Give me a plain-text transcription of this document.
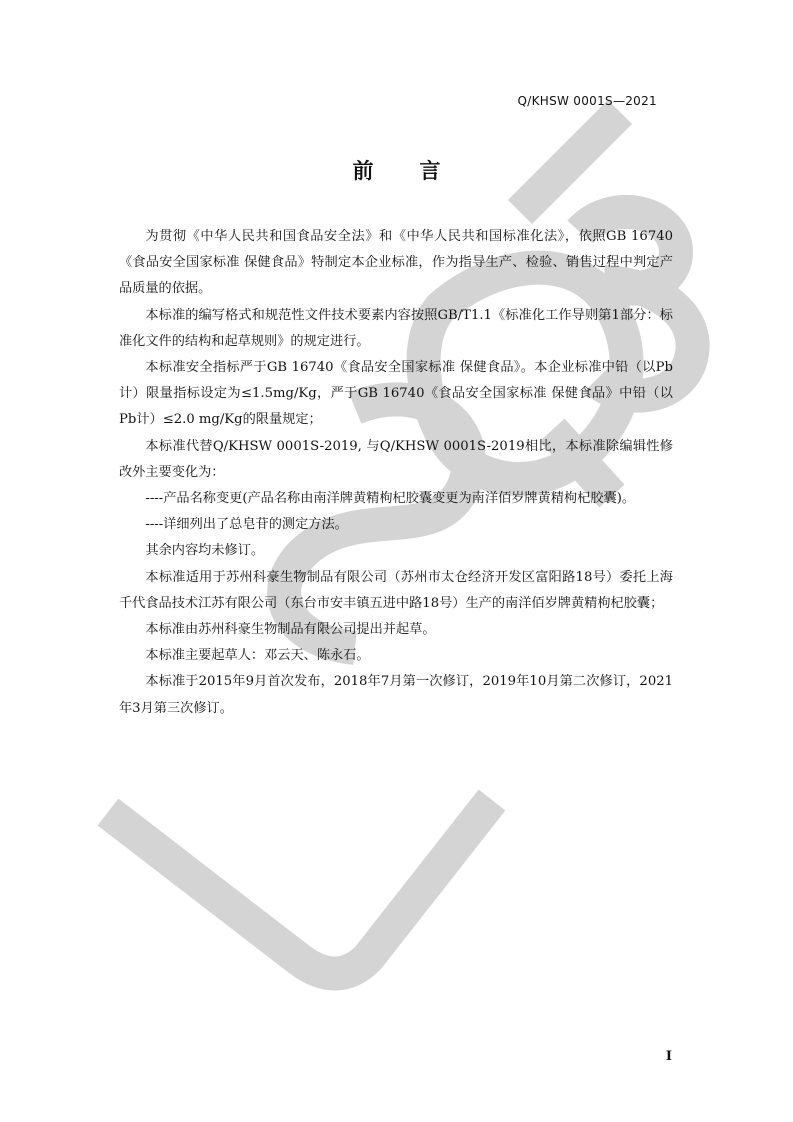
Q/KHSW 0001S—2021
前 言

为贯彻《中华人民共和国食品安全法》和《中华人民共和国标准化法》，依照GB 16740《食品安全国家标准 保健食品》特制定本企业标准，作为指导生产、检验、销售过程中判定产品质量的依据。

本标准的编写格式和规范性文件技术要素内容按照GB/T1.1《标准化工作导则第1部分：标准化文件的结构和起草规则》的规定进行。

本标准安全指标严于GB 16740《食品安全国家标准 保健食品》。本企业标准中铅（以Pb计）限量指标设定为≤1.5mg/Kg，严于GB 16740《食品安全国家标准 保健食品》中铅（以Pb计）≤2.0 mg/Kg的限量规定；

本标准代替Q/KHSW 0001S-2019, 与Q/KHSW 0001S-2019相比，本标准除编辑性修改外主要变化为：

----产品名称变更(产品名称由南洋牌黄精枸杞胶囊变更为南洋佰岁牌黄精枸杞胶囊)。

----详细列出了总皂苷的测定方法。

其余内容均未修订。

本标准适用于苏州科豪生物制品有限公司（苏州市太仓经济开发区富阳路18号）委托上海千代食品技术江苏有限公司（东台市安丰镇五进中路18号）生产的南洋佰岁牌黄精枸杞胶囊；

本标准由苏州科豪生物制品有限公司提出并起草。

本标准主要起草人：邓云天、陈永石。

本标准于2015年9月首次发布，2018年7月第一次修订，2019年10月第二次修订，2021年3月第三次修订。

I
